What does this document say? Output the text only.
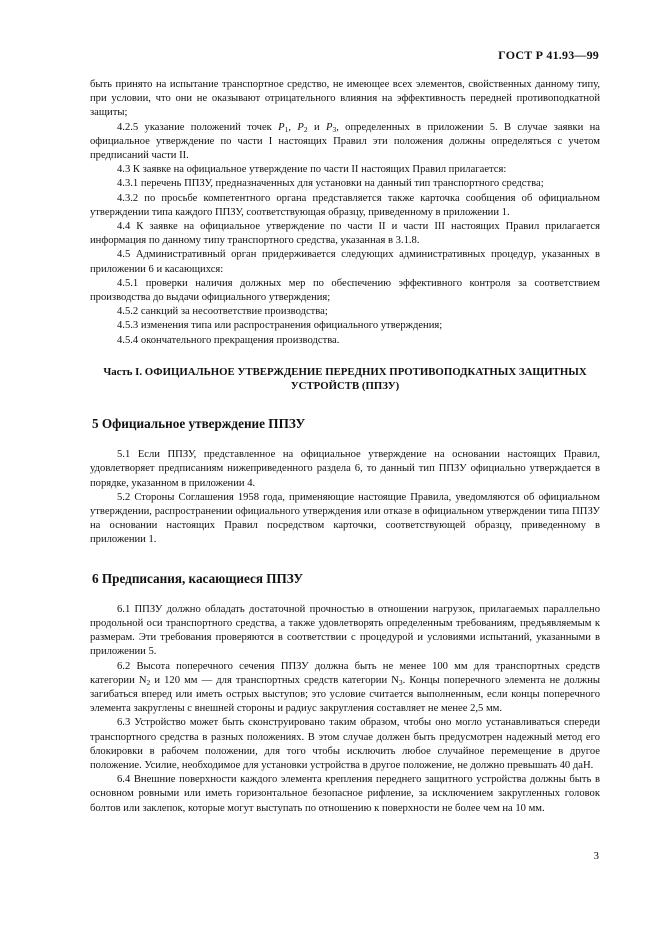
ГОСТ Р 41.93—99

быть принято на испытание транспортное средство, не имеющее всех элементов, свойственных данному типу, при условии, что они не оказывают отрицательного влияния на эффективность передней противоподкатной защиты;

4.2.5 указание положений точек $P_1$, $P_2$ и $P_3$, определенных в приложении 5. В случае заявки на официальное утверждение по части I настоящих Правил эти положения должны определяться с учетом предписаний части II.

4.3 К заявке на официальное утверждение по части II настоящих Правил прилагается:

4.3.1 перечень ППЗУ, предназначенных для установки на данный тип транспортного средства;

4.3.2 по просьбе компетентного органа представляется также карточка сообщения об официальном утверждении типа каждого ППЗУ, соответствующая образцу, приведенному в приложении 1.

4.4 К заявке на официальное утверждение по части II и части III настоящих Правил прилагается информация по данному типу транспортного средства, указанная в 3.1.8.

4.5 Административный орган придерживается следующих административных процедур, указанных в приложении 6 и касающихся:

4.5.1 проверки наличия должных мер по обеспечению эффективного контроля за соответствием производства до выдачи официального утверждения;

4.5.2 санкций за несоответствие производства;

4.5.3 изменения типа или распространения официального утверждения;

4.5.4 окончательного прекращения производства.

Часть I. ОФИЦИАЛЬНОЕ УТВЕРЖДЕНИЕ ПЕРЕДНИХ ПРОТИВОПОДКАТНЫХ ЗАЩИТНЫХ УСТРОЙСТВ (ППЗУ)
5 Официальное утверждение ППЗУ

5.1 Если ППЗУ, представленное на официальное утверждение на основании настоящих Правил, удовлетворяет предписаниям нижеприведенного раздела 6, то данный тип ППЗУ официально утверждается в порядке, указанном в приложении 4.

5.2 Стороны Соглашения 1958 года, применяющие настоящие Правила, уведомляются об официальном утверждении, распространении официального утверждения или отказе в официальном утверждении типа ППЗУ на основании настоящих Правил посредством карточки, соответствующей образцу, приведенному в приложении 1.

6 Предписания, касающиеся ППЗУ

6.1 ППЗУ должно обладать достаточной прочностью в отношении нагрузок, прилагаемых параллельно продольной оси транспортного средства, а также удовлетворять определенным требованиям, предъявляемым к размерам. Эти требования проверяются в соответствии с процедурой и условиями испытаний, указанными в приложении 5.

6.2 Высота поперечного сечения ППЗУ должна быть не менее 100 мм для транспортных средств категории $N_2$ и 120 мм — для транспортных средств категории $N_3$. Концы поперечного элемента не должны загибаться вперед или иметь острых выступов; это условие считается выполненным, если концы поперечного элемента закруглены с внешней стороны и радиус закругления составляет не менее 2,5 мм.

6.3 Устройство может быть сконструировано таким образом, чтобы оно могло устанавливаться спереди транспортного средства в разных положениях. В этом случае должен быть предусмотрен надежный метод его блокировки в рабочем положении, для того чтобы исключить любое случайное перемещение в другое положение. Усилие, необходимое для установки устройства в другое положение, не должно превышать 40 даН.

6.4 Внешние поверхности каждого элемента крепления переднего защитного устройства должны быть в основном ровными или иметь горизонтальное безопасное рифление, за исключением закругленных головок болтов или заклепок, которые могут выступать по отношению к поверхности не более чем на 10 мм.

3
